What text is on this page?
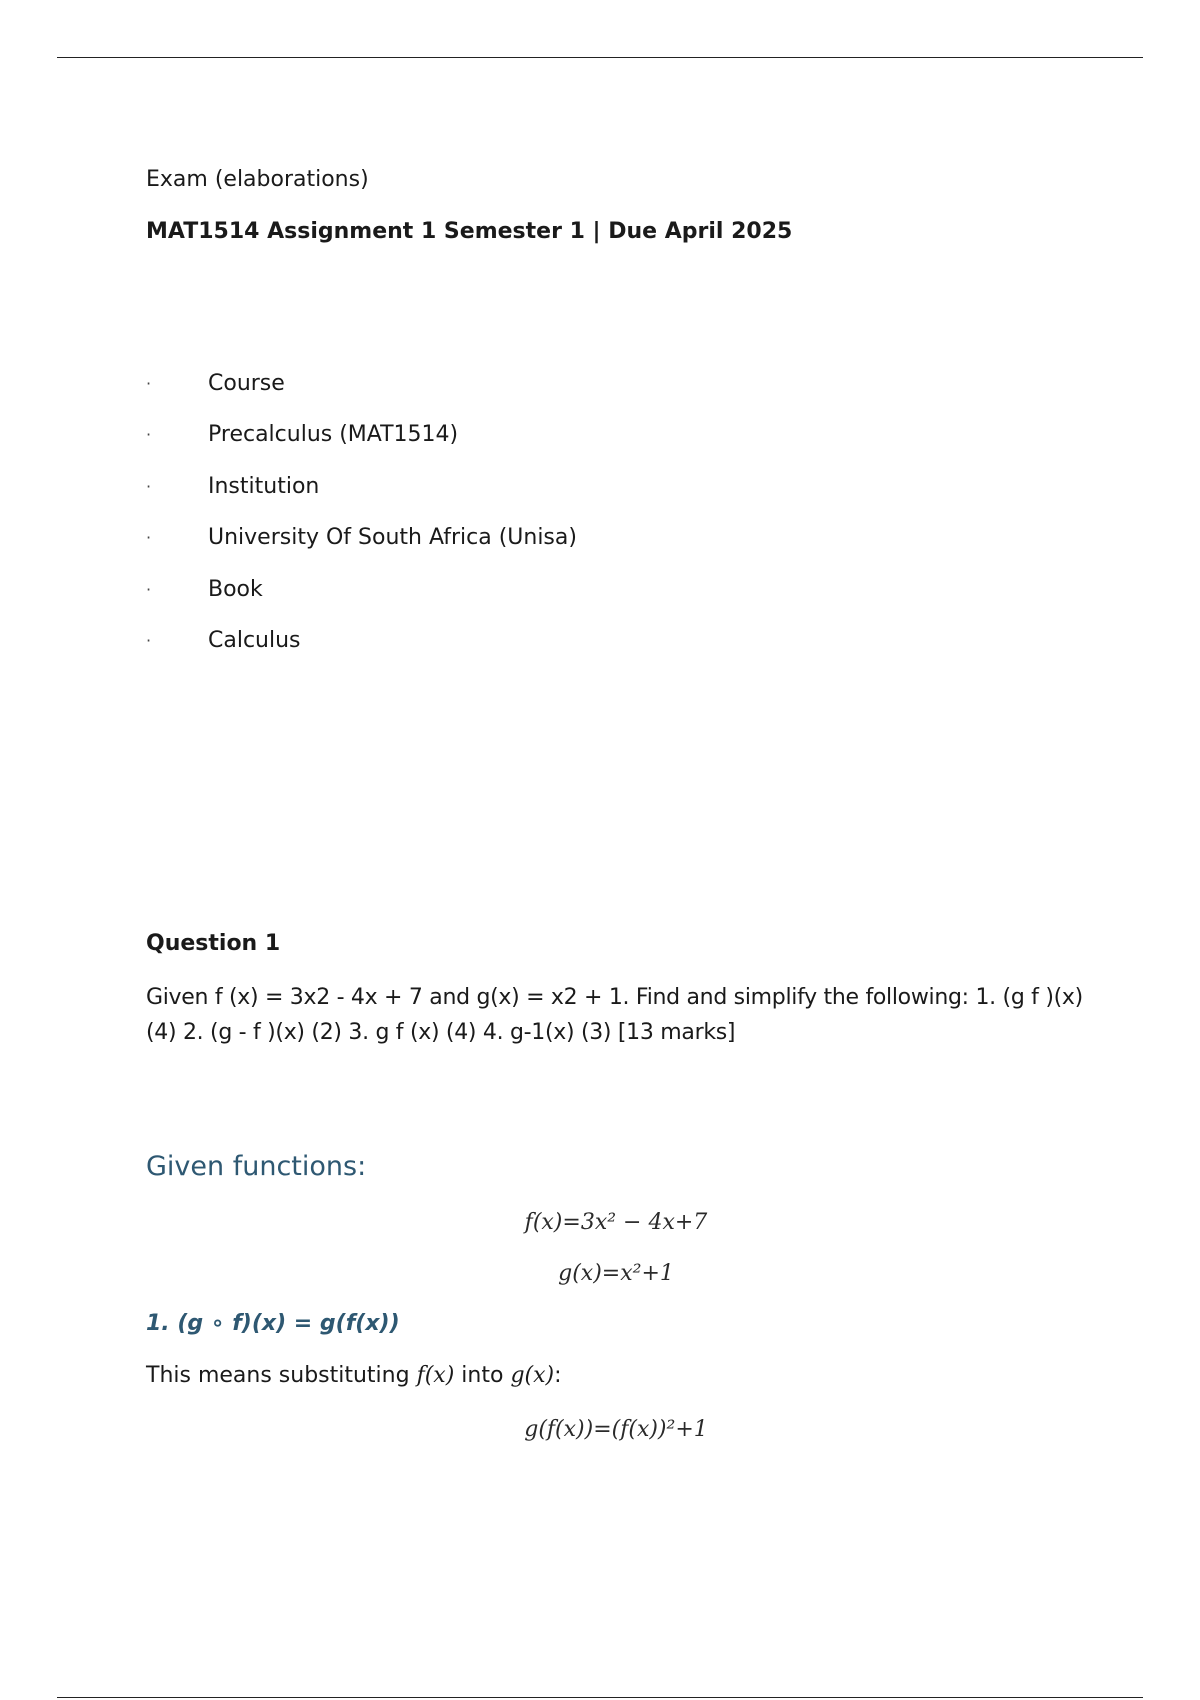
Exam (elaborations)
MAT1514 Assignment 1 Semester 1 | Due April 2025
·	Course
·	Precalculus (MAT1514)
·	Institution
·	University Of South Africa (Unisa)
·	Book
·	Calculus
Question 1
Given f (x) = 3x2 - 4x + 7 and g(x) = x2 + 1. Find and simplify the following: 1. (g f )(x) (4) 2. (g - f )(x) (2) 3. g f (x) (4) 4. g-1(x) (3) [13 marks]
Given functions:
f(x)=3x² − 4x+7
g(x)=x²+1
1. (g ∘ f)(x) = g(f(x))
This means substituting f(x) into g(x):
g(f(x))=(f(x))²+1
